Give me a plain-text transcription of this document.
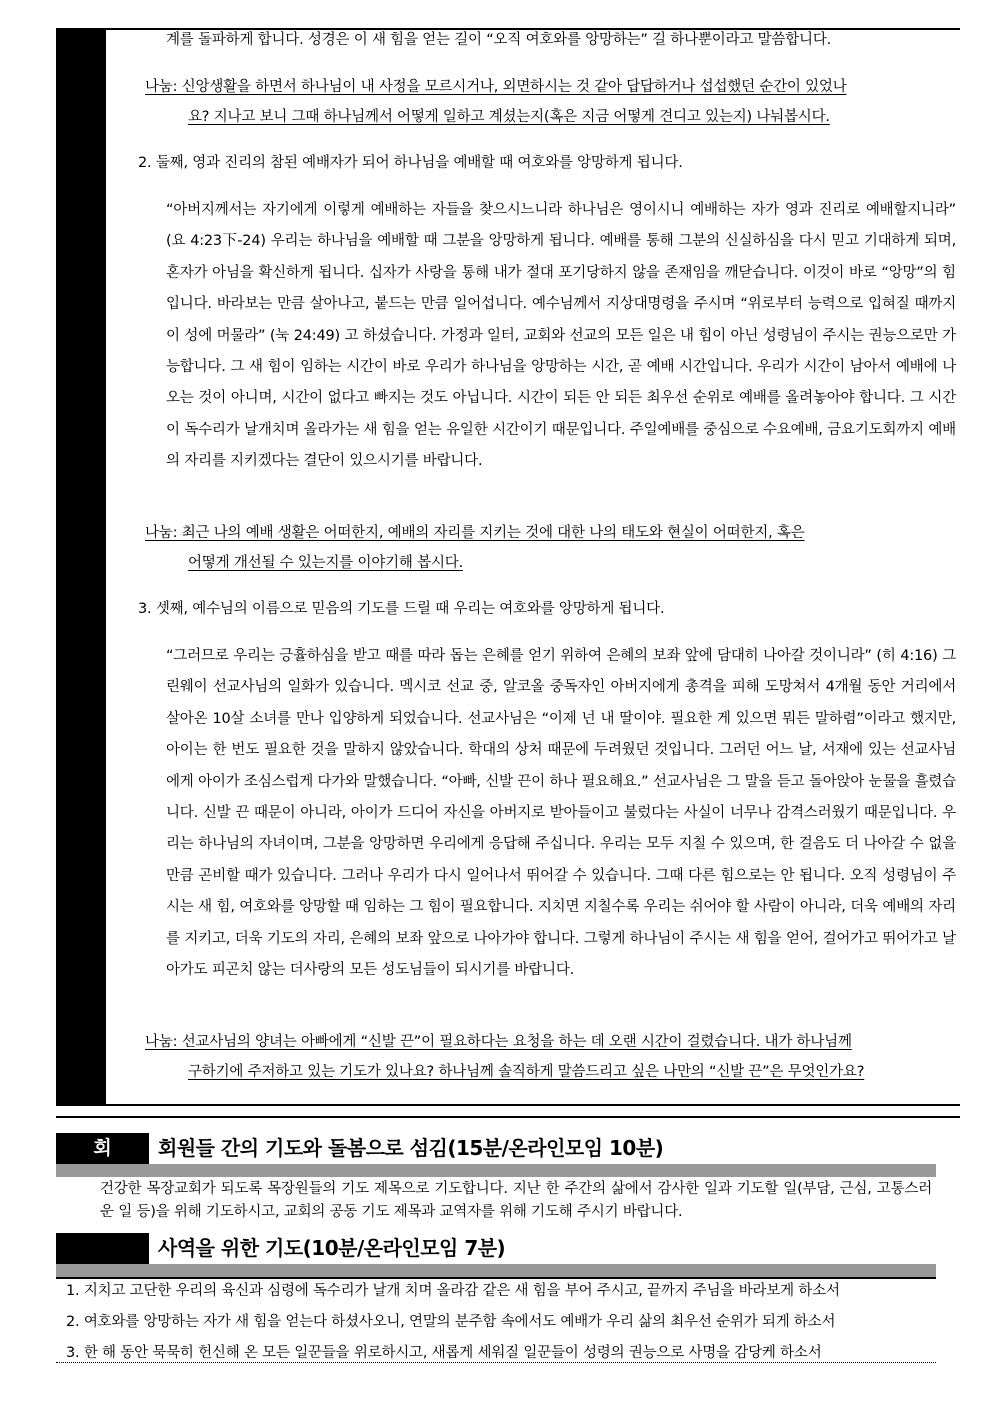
계를 돌파하게 합니다. 성경은 이 새 힘을 얻는 길이 “오직 여호와를 앙망하는” 길 하나뿐이라고 말씀합니다.
나눔: 신앙생활을 하면서 하나님이 내 사정을 모르시거나, 외면하시는 것 같아 답답하거나 섭섭했던 순간이 있었나
요? 지나고 보니 그때 하나님께서 어떻게 일하고 계셨는지(혹은 지금 어떻게 견디고 있는지) 나눠봅시다.
2. 둘째, 영과 진리의 참된 예배자가 되어 하나님을 예배할 때 여호와를 앙망하게 됩니다.
“아버지께서는 자기에게 이렇게 예배하는 자들을 찾으시느니라 하나님은 영이시니 예배하는 자가 영과 진리로 예배할지니라” (요 4:23下-24) 우리는 하나님을 예배할 때 그분을 앙망하게 됩니다. 예배를 통해 그분의 신실하심을 다시 믿고 기대하게 되며, 혼자가 아님을 확신하게 됩니다. 십자가 사랑을 통해 내가 절대 포기당하지 않을 존재임을 깨닫습니다. 이것이 바로 “앙망”의 힘입니다. 바라보는 만큼 살아나고, 붙드는 만큼 일어섭니다. 예수님께서 지상대명령을 주시며 “위로부터 능력으로 입혀질 때까지 이 성에 머물라” (눅 24:49) 고 하셨습니다. 가정과 일터, 교회와 선교의 모든 일은 내 힘이 아닌 성령님이 주시는 권능으로만 가능합니다. 그 새 힘이 임하는 시간이 바로 우리가 하나님을 앙망하는 시간, 곧 예배 시간입니다. 우리가 시간이 남아서 예배에 나오는 것이 아니며, 시간이 없다고 빠지는 것도 아닙니다. 시간이 되든 안 되든 최우선 순위로 예배를 올려놓아야 합니다. 그 시간이 독수리가 날개치며 올라가는 새 힘을 얻는 유일한 시간이기 때문입니다. 주일예배를 중심으로 수요예배, 금요기도회까지 예배의 자리를 지키겠다는 결단이 있으시기를 바랍니다.
나눔: 최근 나의 예배 생활은 어떠한지, 예배의 자리를 지키는 것에 대한 나의 태도와 현실이 어떠한지, 혹은
어떻게 개선될 수 있는지를 이야기해 봅시다.
3. 셋째, 예수님의 이름으로 믿음의 기도를 드릴 때 우리는 여호와를 앙망하게 됩니다.
“그러므로 우리는 긍휼하심을 받고 때를 따라 돕는 은혜를 얻기 위하여 은혜의 보좌 앞에 담대히 나아갈 것이니라” (히 4:16) 그린웨이 선교사님의 일화가 있습니다. 멕시코 선교 중, 알코올 중독자인 아버지에게 총격을 피해 도망쳐서 4개월 동안 거리에서 살아온 10살 소녀를 만나 입양하게 되었습니다. 선교사님은 “이제 넌 내 딸이야. 필요한 게 있으면 뭐든 말하렴”이라고 했지만, 아이는 한 번도 필요한 것을 말하지 않았습니다. 학대의 상처 때문에 두려웠던 것입니다. 그러던 어느 날, 서재에 있는 선교사님에게 아이가 조심스럽게 다가와 말했습니다. “아빠, 신발 끈이 하나 필요해요.” 선교사님은 그 말을 듣고 돌아앉아 눈물을 흘렸습니다. 신발 끈 때문이 아니라, 아이가 드디어 자신을 아버지로 받아들이고 불렀다는 사실이 너무나 감격스러웠기 때문입니다. 우리는 하나님의 자녀이며, 그분을 앙망하면 우리에게 응답해 주십니다. 우리는 모두 지칠 수 있으며, 한 걸음도 더 나아갈 수 없을 만큼 곤비할 때가 있습니다. 그러나 우리가 다시 일어나서 뛰어갈 수 있습니다. 그때 다른 힘으로는 안 됩니다. 오직 성령님이 주시는 새 힘, 여호와를 앙망할 때 임하는 그 힘이 필요합니다. 지치면 지칠수록 우리는 쉬어야 할 사람이 아니라, 더욱 예배의 자리를 지키고, 더욱 기도의 자리, 은혜의 보좌 앞으로 나아가야 합니다. 그렇게 하나님이 주시는 새 힘을 얻어, 걸어가고 뛰어가고 날아가도 피곤치 않는 더사랑의 모든 성도님들이 되시기를 바랍니다.
나눔: 선교사님의 양녀는 아빠에게 “신발 끈”이 필요하다는 요청을 하는 데 오랜 시간이 걸렸습니다. 내가 하나님께
구하기에 주저하고 있는 기도가 있나요? 하나님께 솔직하게 말씀드리고 싶은 나만의 “신발 끈”은 무엇인가요?
회	회원들 간의 기도와 돌봄으로 섬김(15분/온라인모임 10분)
건강한 목장교회가 되도록 목장원들의 기도 제목으로 기도합니다. 지난 한 주간의 삶에서 감사한 일과 기도할 일(부담, 근심, 고통스러운 일 등)을 위해 기도하시고, 교회의 공동 기도 제목과 교역자를 위해 기도해 주시기 바랍니다.
사역을 위한 기도(10분/온라인모임 7분)
1. 지치고 고단한 우리의 육신과 심령에 독수리가 날개 치며 올라감 같은 새 힘을 부어 주시고, 끝까지 주님을 바라보게 하소서
2. 여호와를 앙망하는 자가 새 힘을 얻는다 하셨사오니, 연말의 분주함 속에서도 예배가 우리 삶의 최우선 순위가 되게 하소서
3. 한 해 동안 묵묵히 헌신해 온 모든 일꾼들을 위로하시고, 새롭게 세워질 일꾼들이 성령의 권능으로 사명을 감당케 하소서
